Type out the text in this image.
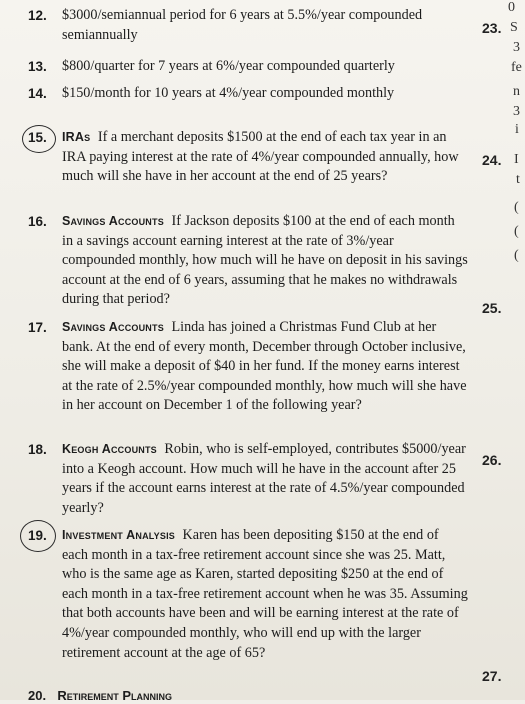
12.	$3000/semiannual period for 6 years at 5.5%/year compounded semiannually
13.	$800/quarter for 7 years at 6%/year compounded quarterly
14.	$150/month for 10 years at 4%/year compounded monthly
15.	IRAs If a merchant deposits $1500 at the end of each tax year in an IRA paying interest at the rate of 4%/year compounded annually, how much will she have in her account at the end of 25 years?
16.	Savings Accounts If Jackson deposits $100 at the end of each month in a savings account earning interest at the rate of 3%/year compounded monthly, how much will he have on deposit in his savings account at the end of 6 years, assuming that he makes no withdrawals during that period?
17.	Savings Accounts Linda has joined a Christmas Fund Club at her bank. At the end of every month, December through October inclusive, she will make a deposit of $40 in her fund. If the money earns interest at the rate of 2.5%/year compounded monthly, how much will she have in her account on December 1 of the following year?
18.	Keogh Accounts Robin, who is self-employed, contributes $5000/year into a Keogh account. How much will he have in the account after 25 years if the account earns interest at the rate of 4.5%/year compounded yearly?
19.	Investment Analysis Karen has been depositing $150 at the end of each month in a tax-free retirement account since she was 25. Matt, who is the same age as Karen, started depositing $250 at the end of each month in a tax-free retirement account when he was 35. Assuming that both accounts have been and will be earning interest at the rate of 4%/year compounded monthly, who will end up with the larger retirement account at the age of 65?
20. Retirement Planning
23.
24.
25.
26.
27.
S
3
fe
n
3
i
I
t
(
(
(
0
